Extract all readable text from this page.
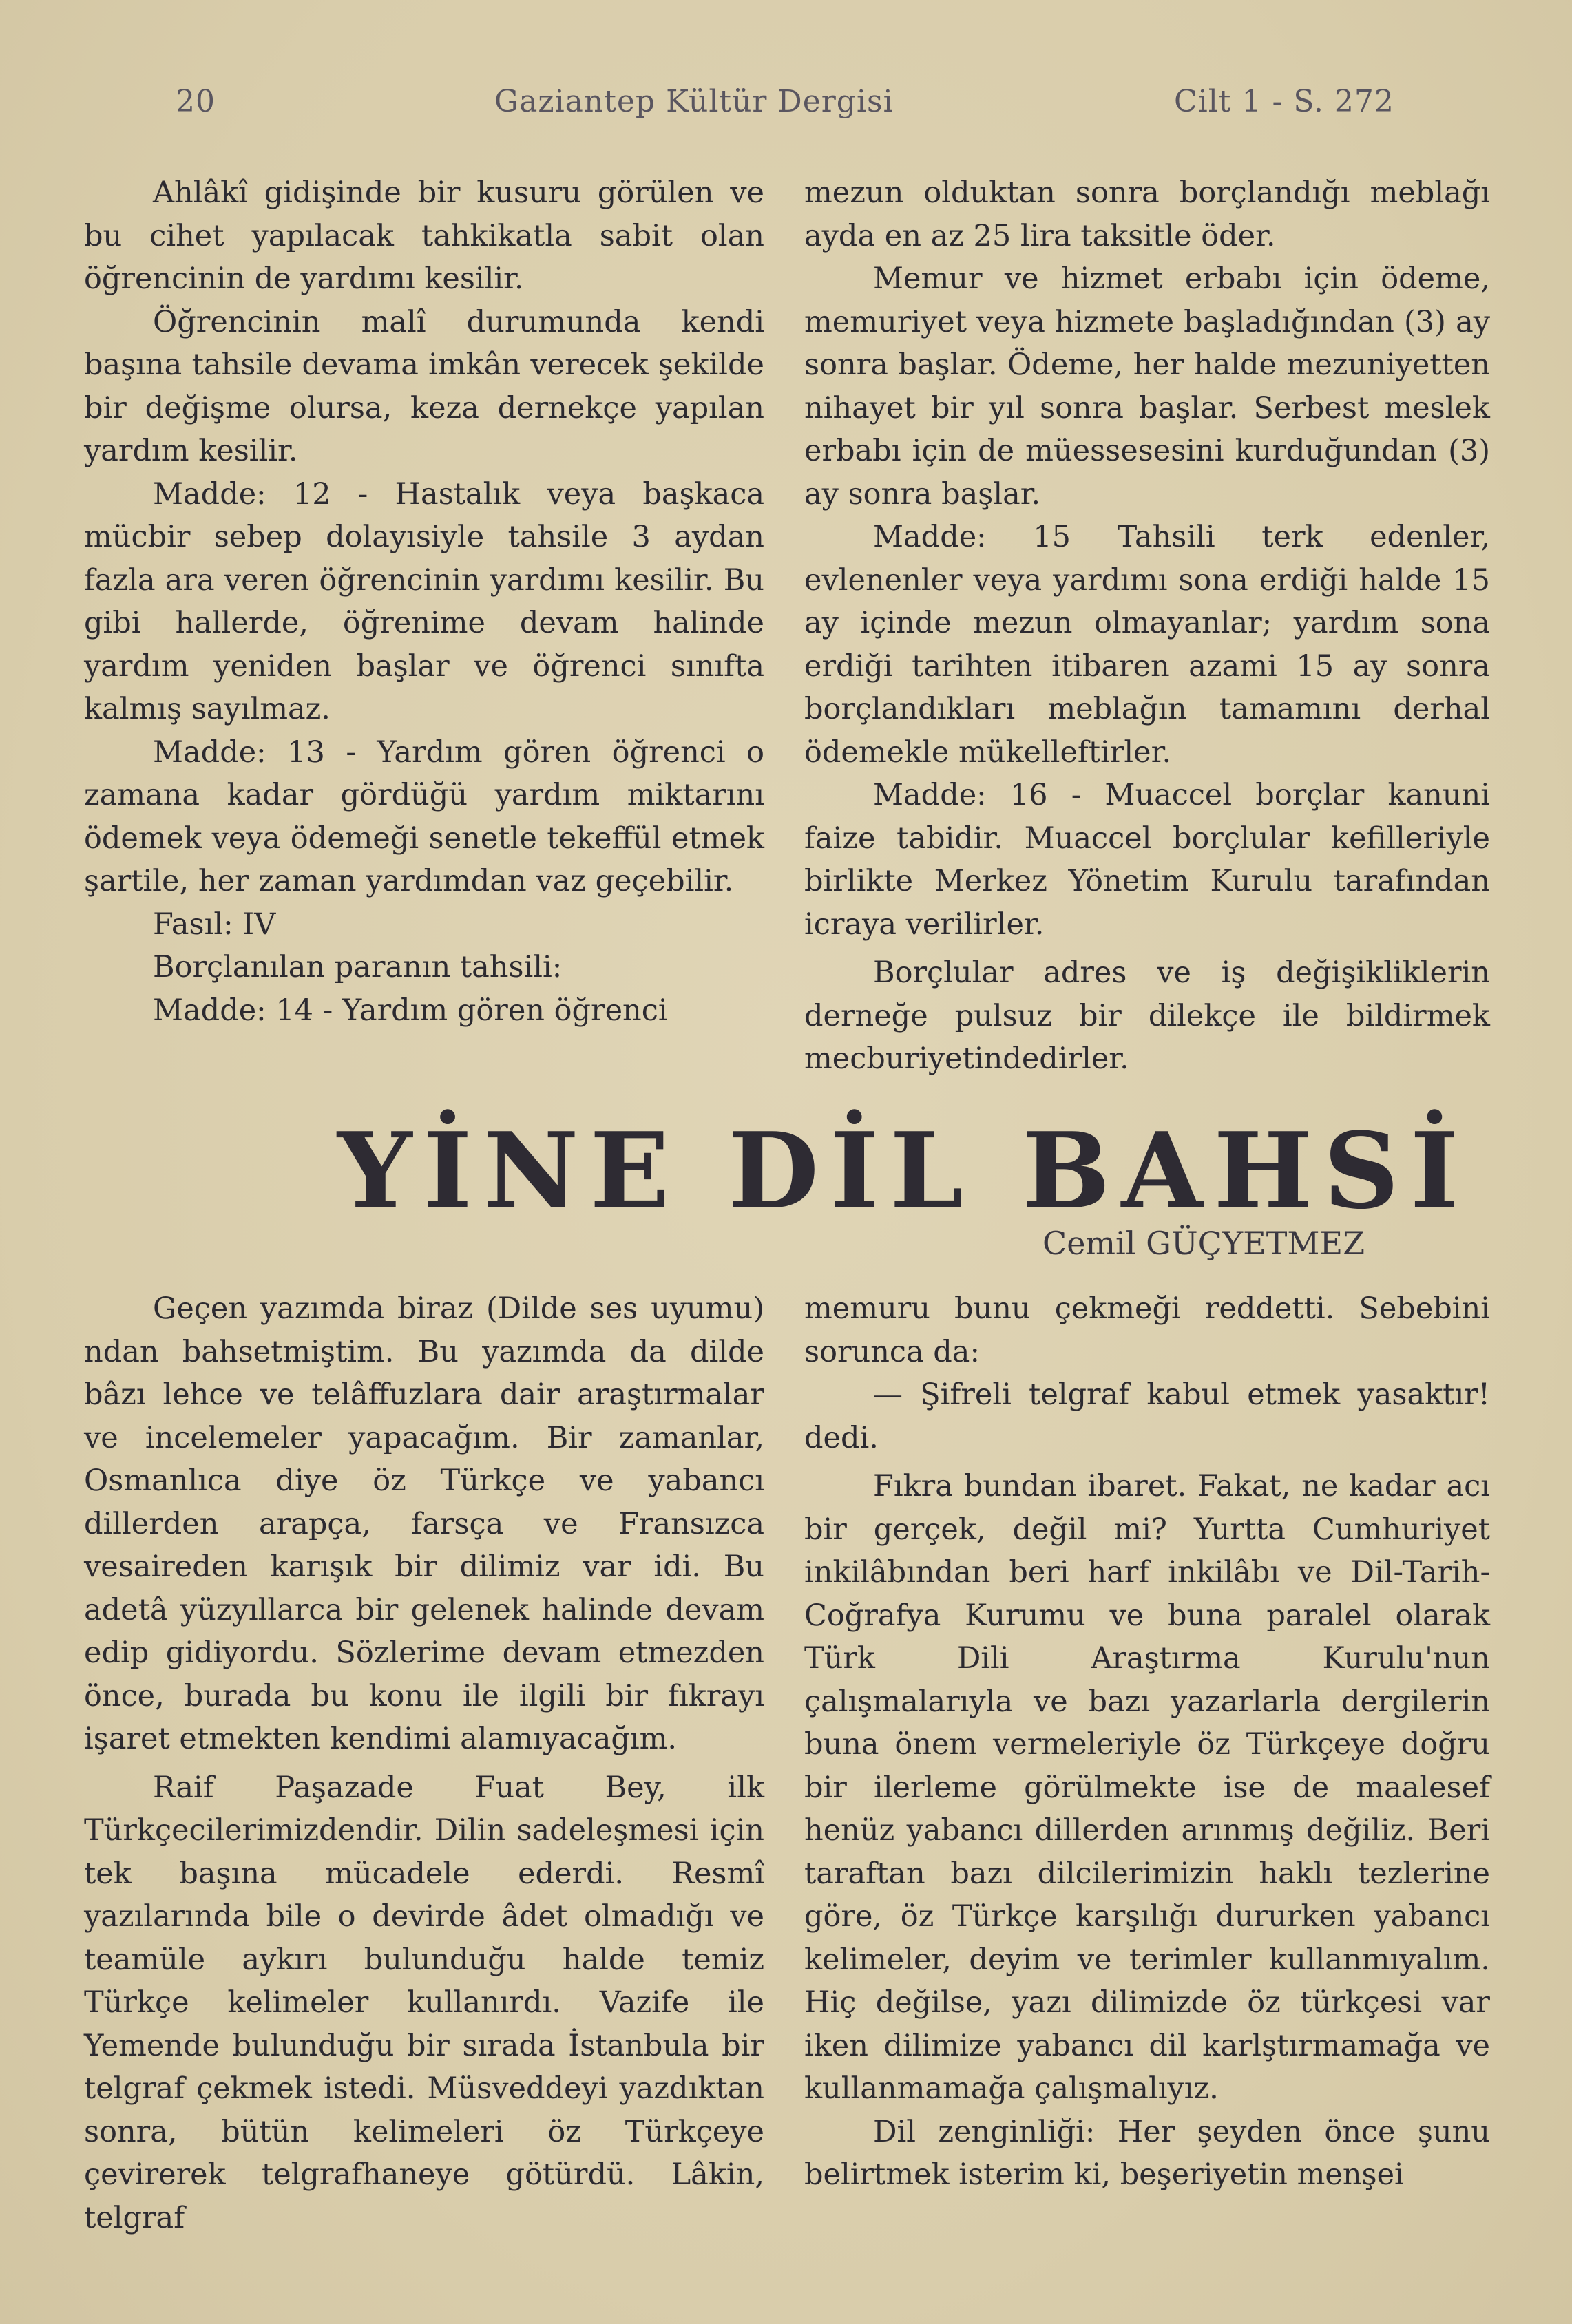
20	Gaziantep Kültür Dergisi	Cilt 1 - S. 272

Ahlâkî gidişinde bir kusuru görülen ve bu cihet yapılacak tahkikatla sabit olan öğrencinin de yardımı kesilir.

Öğrencinin malî durumunda kendi başına tahsile devama imkân verecek şekilde bir değişme olursa, keza dernekçe yapılan yardım kesilir.

Madde: 12 - Hastalık veya başkaca mücbir sebep dolayısiyle tahsile 3 aydan fazla ara veren öğrencinin yardımı kesilir. Bu gibi hallerde, öğrenime devam halinde yardım yeniden başlar ve öğrenci sınıfta kalmış sayılmaz.

Madde: 13 - Yardım gören öğrenci o zamana kadar gördüğü yardım miktarını ödemek veya ödemeği senetle tekeffül etmek şartile, her zaman yardımdan vaz geçebilir.

Fasıl: IV

Borçlanılan paranın tahsili:

Madde: 14 - Yardım gören öğrenci

mezun olduktan sonra borçlandığı meblağı ayda en az 25 lira taksitle öder.

Memur ve hizmet erbabı için ödeme, memuriyet veya hizmete başladığından (3) ay sonra başlar. Ödeme, her halde mezuniyetten nihayet bir yıl sonra başlar. Serbest meslek erbabı için de müessesesini kurduğundan (3) ay sonra başlar.

Madde: 15 Tahsili terk edenler, evlenenler veya yardımı sona erdiği halde 15 ay içinde mezun olmayanlar; yardım sona erdiği tarihten itibaren azami 15 ay sonra borçlandıkları meblağın tamamını derhal ödemekle mükelleftirler.

Madde: 16 - Muaccel borçlar kanuni faize tabidir. Muaccel borçlular kefilleriyle birlikte Merkez Yönetim Kurulu tarafından icraya verilirler.

Borçlular adres ve iş değişikliklerin derneğe pulsuz bir dilekçe ile bildirmek mecburiyetindedirler.

YİNE DİL BAHSİ
Cemil GÜÇYETMEZ

Geçen yazımda biraz (Dilde ses uyumu) ndan bahsetmiştim. Bu yazımda da dilde bâzı lehce ve telâffuzlara dair araştırmalar ve incelemeler yapacağım. Bir zamanlar, Osmanlıca diye öz Türkçe ve yabancı dillerden arapça, farsça ve Fransızca vesaireden karışık bir dilimiz var idi. Bu adetâ yüzyıllarca bir gelenek halinde devam edip gidiyordu. Sözlerime devam etmezden önce, burada bu konu ile ilgili bir fıkrayı işaret etmekten kendimi alamıyacağım.

Raif Paşazade Fuat Bey, ilk Türkçecilerimizdendir. Dilin sadeleşmesi için tek başına mücadele ederdi. Resmî yazılarında bile o devirde âdet olmadığı ve teamüle aykırı bulunduğu halde temiz Türkçe kelimeler kullanırdı. Vazife ile Yemende bulunduğu bir sırada İstanbula bir telgraf çekmek istedi. Müsveddeyi yazdıktan sonra, bütün kelimeleri öz Türkçeye çevirerek telgrafhaneye götürdü. Lâkin, telgraf

memuru bunu çekmeği reddetti. Sebebini sorunca da:

— Şifreli telgraf kabul etmek yasaktır! dedi.

Fıkra bundan ibaret. Fakat, ne kadar acı bir gerçek, değil mi? Yurtta Cumhuriyet inkilâbından beri harf inkilâbı ve Dil-Tarih-Coğrafya Kurumu ve buna paralel olarak Türk Dili Araştırma Kurulu'nun çalışmalarıyla ve bazı yazarlarla dergilerin buna önem vermeleriyle öz Türkçeye doğru bir ilerleme görülmekte ise de maalesef henüz yabancı dillerden arınmış değiliz. Beri taraftan bazı dilcilerimizin haklı tezlerine göre, öz Türkçe karşılığı dururken yabancı kelimeler, deyim ve terimler kullanmıyalım. Hiç değilse, yazı dilimizde öz türkçesi var iken dilimize yabancı dil karlştırmamağa ve kullanmamağa çalışmalıyız.

Dil zenginliği: Her şeyden önce şunu belirtmek isterim ki, beşeriyetin menşei
